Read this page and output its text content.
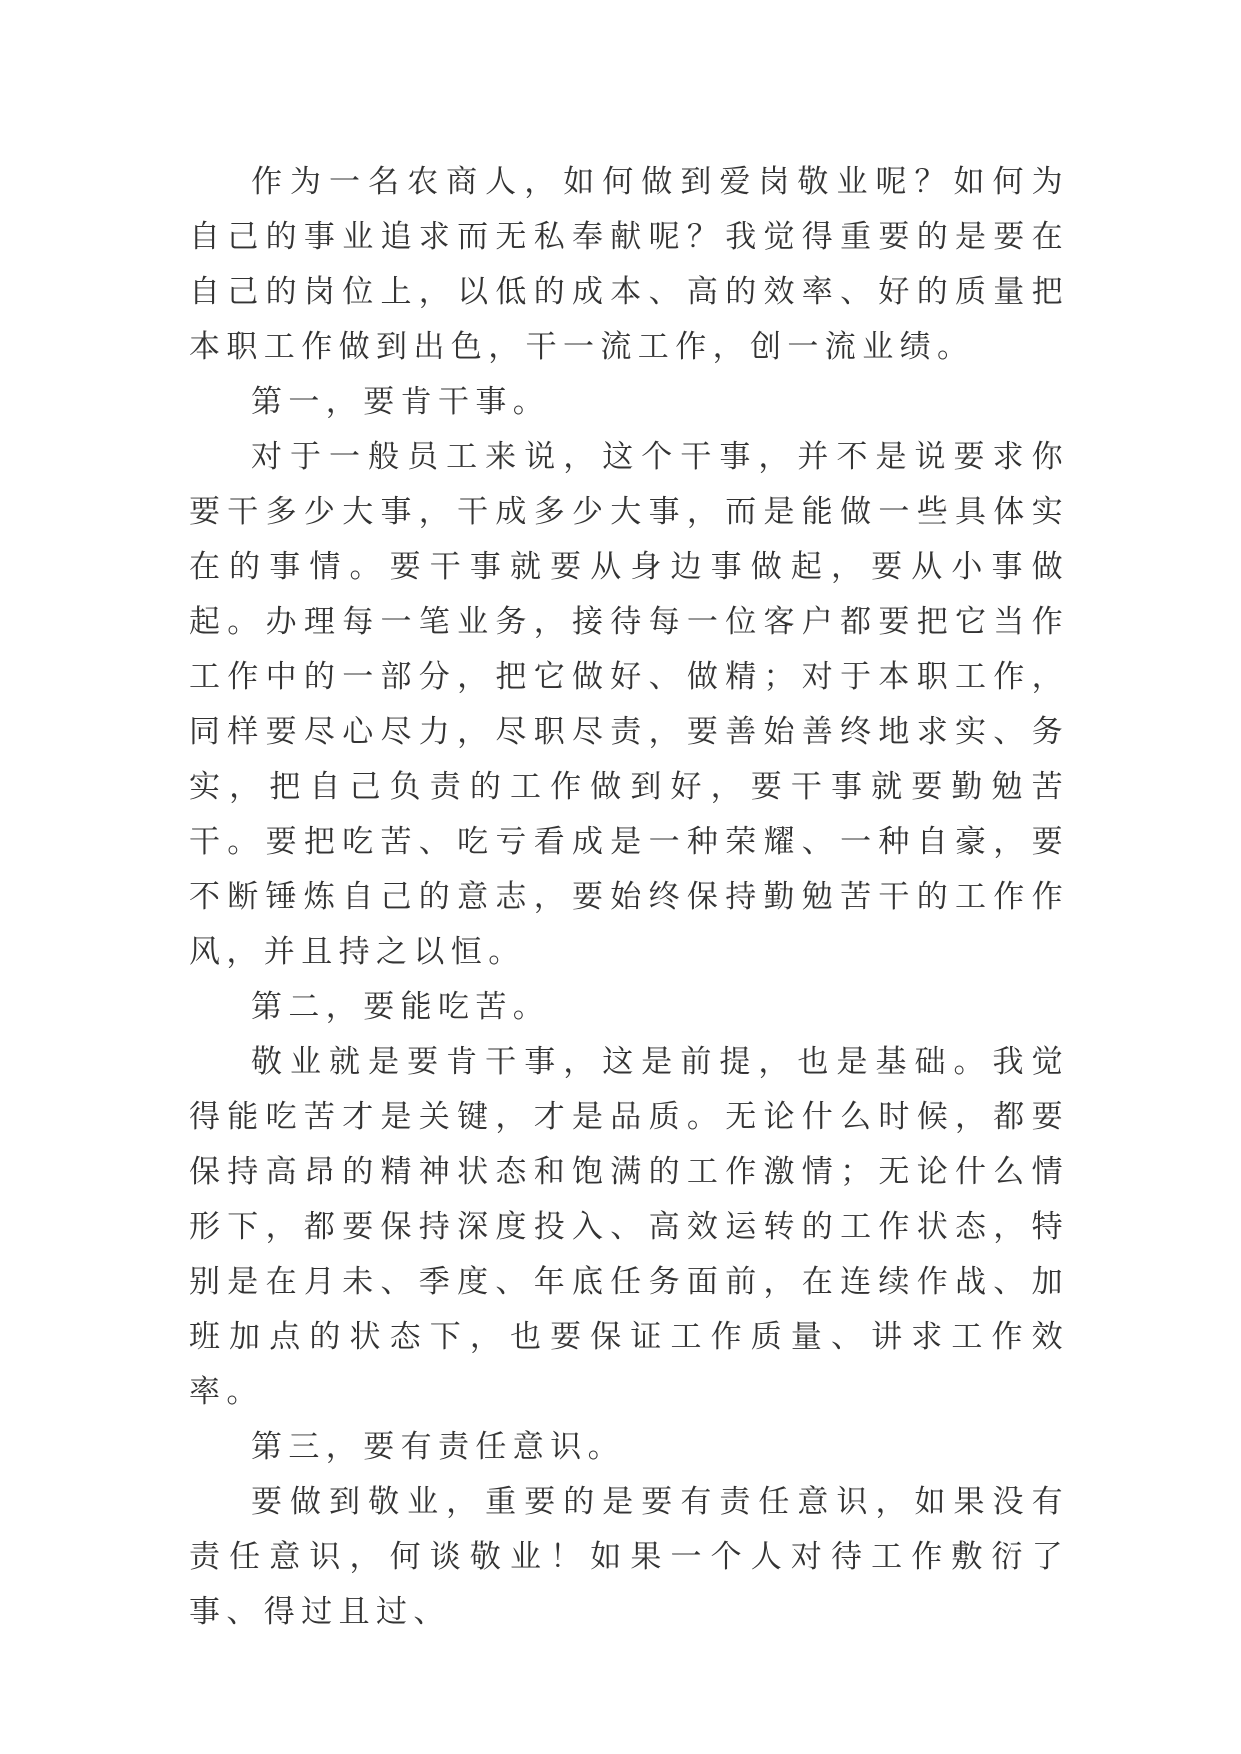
作为一名农商人，如何做到爱岗敬业呢？如何为自己的事业追求而无私奉献呢？我觉得重要的是要在自己的岗位上，以低的成本、高的效率、好的质量把本职工作做到出色，干一流工作，创一流业绩。

第一，要肯干事。

对于一般员工来说，这个干事，并不是说要求你要干多少大事，干成多少大事，而是能做一些具体实在的事情。要干事就要从身边事做起，要从小事做起。办理每一笔业务，接待每一位客户都要把它当作工作中的一部分，把它做好、做精；对于本职工作，同样要尽心尽力，尽职尽责，要善始善终地求实、务实，把自己负责的工作做到好，要干事就要勤勉苦干。要把吃苦、吃亏看成是一种荣耀、一种自豪，要不断锤炼自己的意志，要始终保持勤勉苦干的工作作风，并且持之以恒。

第二，要能吃苦。

敬业就是要肯干事，这是前提，也是基础。我觉得能吃苦才是关键，才是品质。无论什么时候，都要保持高昂的精神状态和饱满的工作激情；无论什么情形下，都要保持深度投入、高效运转的工作状态，特别是在月未、季度、年底任务面前，在连续作战、加班加点的状态下，也要保证工作质量、讲求工作效率。

第三，要有责任意识。

要做到敬业，重要的是要有责任意识，如果没有责任意识，何谈敬业！如果一个人对待工作敷衍了事、得过且过、
